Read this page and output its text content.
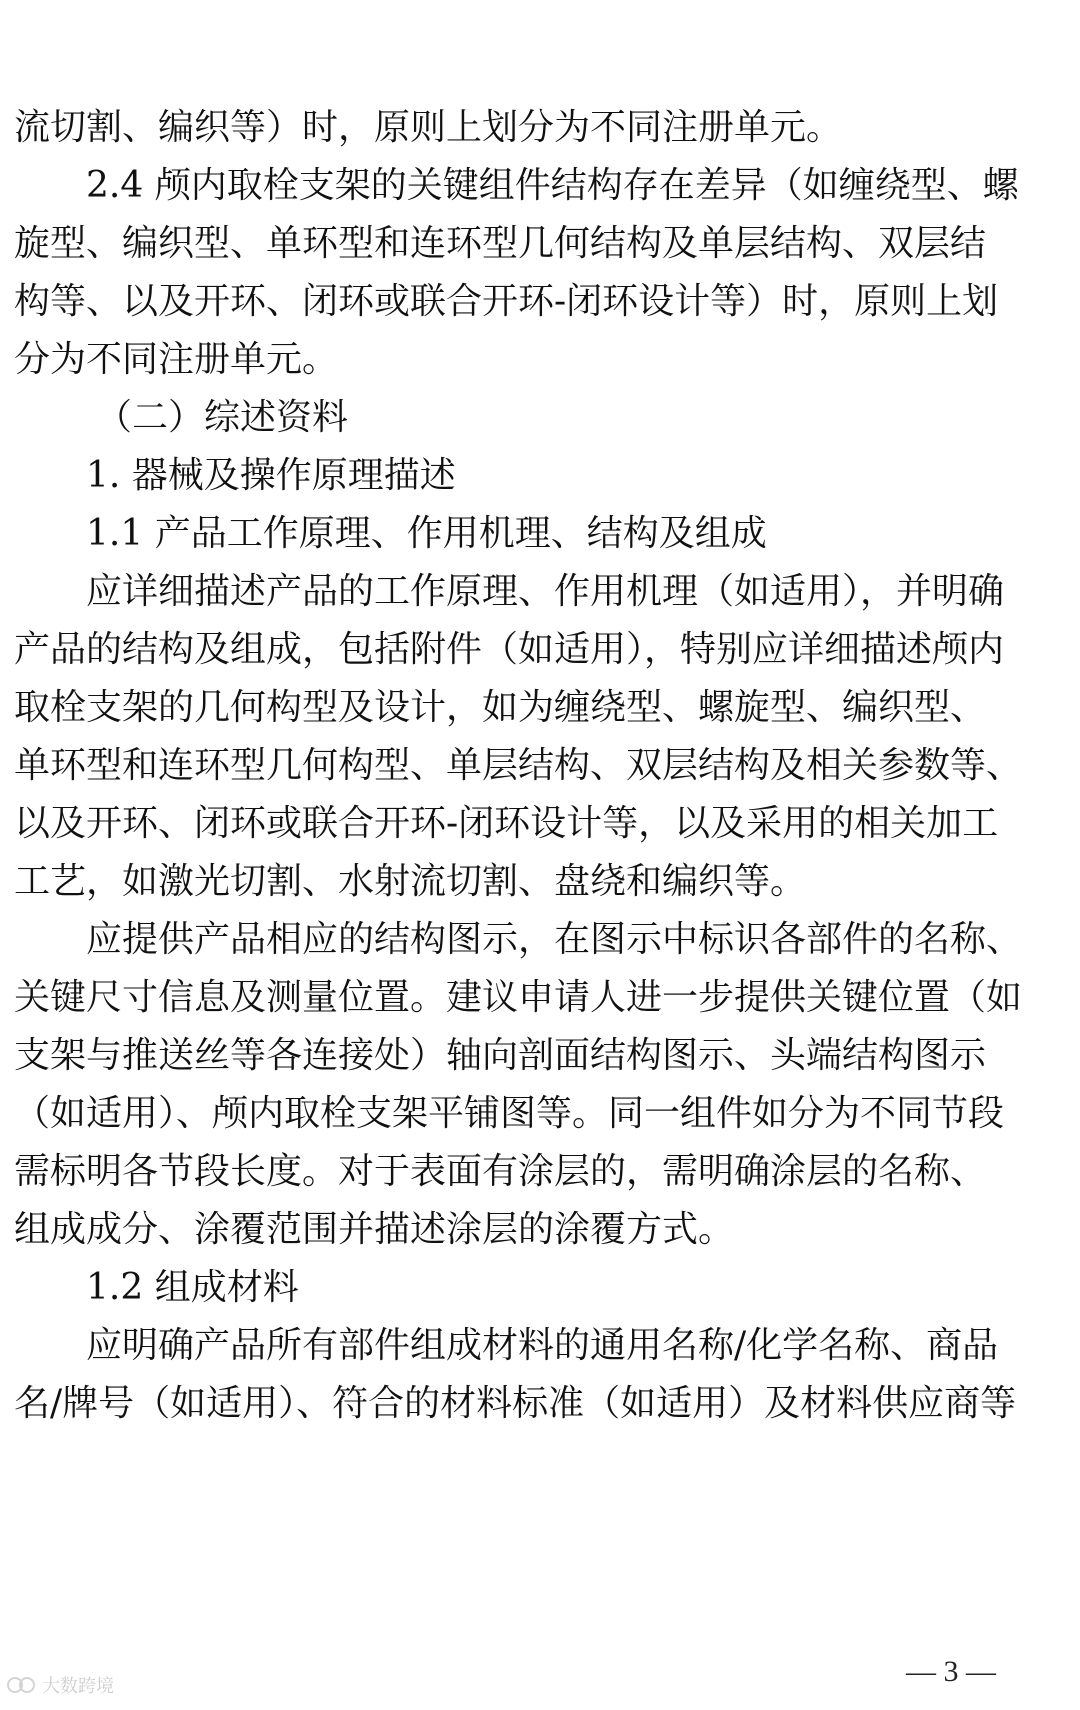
流切割、编织等）时，原则上划分为不同注册单元。
2.4 颅内取栓支架的关键组件结构存在差异（如缠绕型、螺
旋型、编织型、单环型和连环型几何结构及单层结构、双层结
构等、以及开环、闭环或联合开环-闭环设计等）时，原则上划
分为不同注册单元。
（二）综述资料
1. 器械及操作原理描述
1.1 产品工作原理、作用机理、结构及组成
应详细描述产品的工作原理、作用机理（如适用），并明确
产品的结构及组成，包括附件（如适用），特别应详细描述颅内
取栓支架的几何构型及设计，如为缠绕型、螺旋型、编织型、
单环型和连环型几何构型、单层结构、双层结构及相关参数等、
以及开环、闭环或联合开环-闭环设计等，以及采用的相关加工
工艺，如激光切割、水射流切割、盘绕和编织等。
应提供产品相应的结构图示，在图示中标识各部件的名称、
关键尺寸信息及测量位置。建议申请人进一步提供关键位置（如
支架与推送丝等各连接处）轴向剖面结构图示、头端结构图示
（如适用）、颅内取栓支架平铺图等。同一组件如分为不同节段
需标明各节段长度。对于表面有涂层的，需明确涂层的名称、
组成成分、涂覆范围并描述涂层的涂覆方式。
1.2 组成材料
应明确产品所有部件组成材料的通用名称/化学名称、商品
名/牌号（如适用）、符合的材料标准（如适用）及材料供应商等
— 3 —
大数跨境
